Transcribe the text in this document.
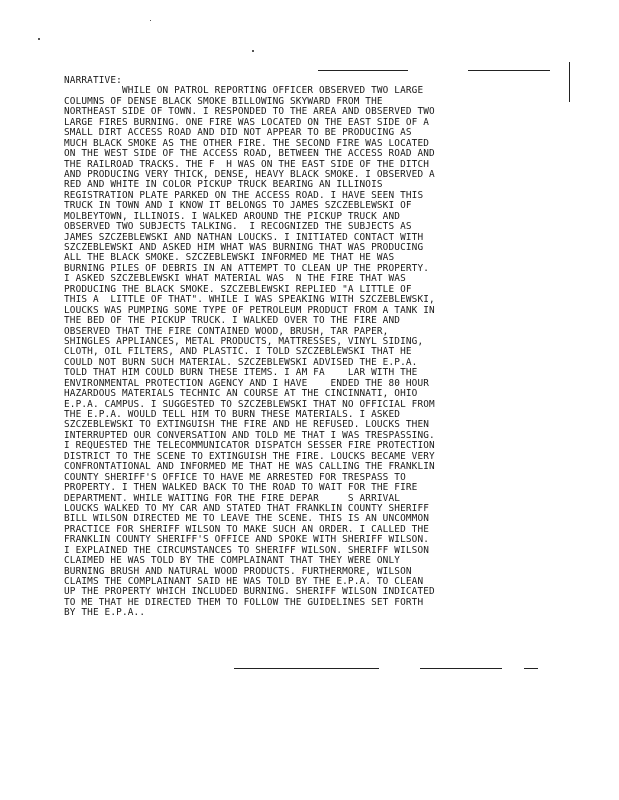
NARRATIVE:
WHILE ON PATROL REPORTING OFFICER OBSERVED TWO LARGE
COLUMNS OF DENSE BLACK SMOKE BILLOWING SKYWARD FROM THE
NORTHEAST SIDE OF TOWN. I RESPONDED TO THE AREA AND OBSERVED TWO
LARGE FIRES BURNING. ONE FIRE WAS LOCATED ON THE EAST SIDE OF A
SMALL DIRT ACCESS ROAD AND DID NOT APPEAR TO BE PRODUCING AS
MUCH BLACK SMOKE AS THE OTHER FIRE. THE SECOND FIRE WAS LOCATED
ON THE WEST SIDE OF THE ACCESS ROAD, BETWEEN THE ACCESS ROAD AND
THE RAILROAD TRACKS. THE F  H WAS ON THE EAST SIDE OF THE DITCH
AND PRODUCING VERY THICK, DENSE, HEAVY BLACK SMOKE. I OBSERVED A
RED AND WHITE IN COLOR PICKUP TRUCK BEARING AN ILLINOIS
REGISTRATION PLATE PARKED ON THE ACCESS ROAD. I HAVE SEEN THIS
TRUCK IN TOWN AND I KNOW IT BELONGS TO JAMES SZCZEBLEWSKI OF
MOLBEYTOWN, ILLINOIS. I WALKED AROUND THE PICKUP TRUCK AND
OBSERVED TWO SUBJECTS TALKING.  I RECOGNIZED THE SUBJECTS AS
JAMES SZCZEBLEWSKI AND NATHAN LOUCKS. I INITIATED CONTACT WITH
SZCZEBLEWSKI AND ASKED HIM WHAT WAS BURNING THAT WAS PRODUCING
ALL THE BLACK SMOKE. SZCZEBLEWSKI INFORMED ME THAT HE WAS
BURNING PILES OF DEBRIS IN AN ATTEMPT TO CLEAN UP THE PROPERTY.
I ASKED SZCZEBLEWSKI WHAT MATERIAL WAS  N THE FIRE THAT WAS
PRODUCING THE BLACK SMOKE. SZCZEBLEWSKI REPLIED "A LITTLE OF
THIS A  LITTLE OF THAT". WHILE I WAS SPEAKING WITH SZCZEBLEWSKI,
LOUCKS WAS PUMPING SOME TYPE OF PETROLEUM PRODUCT FROM A TANK IN
THE BED OF THE PICKUP TRUCK. I WALKED OVER TO THE FIRE AND
OBSERVED THAT THE FIRE CONTAINED WOOD, BRUSH, TAR PAPER,
SHINGLES APPLIANCES, METAL PRODUCTS, MATTRESSES, VINYL SIDING,
CLOTH, OIL FILTERS, AND PLASTIC. I TOLD SZCZEBLEWSKI THAT HE
COULD NOT BURN SUCH MATERIAL. SZCZEBLEWSKI ADVISED THE E.P.A.
TOLD THAT HIM COULD BURN THESE ITEMS. I AM FA    LAR WITH THE
ENVIRONMENTAL PROTECTION AGENCY AND I HAVE    ENDED THE 80 HOUR
HAZARDOUS MATERIALS TECHNIC AN COURSE AT THE CINCINNATI, OHIO
E.P.A. CAMPUS. I SUGGESTED TO SZCZEBLEWSKI THAT NO OFFICIAL FROM
THE E.P.A. WOULD TELL HIM TO BURN THESE MATERIALS. I ASKED
SZCZEBLEWSKI TO EXTINGUISH THE FIRE AND HE REFUSED. LOUCKS THEN
INTERRUPTED OUR CONVERSATION AND TOLD ME THAT I WAS TRESPASSING.
I REQUESTED THE TELECOMMUNICATOR DISPATCH SESSER FIRE PROTECTION
DISTRICT TO THE SCENE TO EXTINGUISH THE FIRE. LOUCKS BECAME VERY
CONFRONTATIONAL AND INFORMED ME THAT HE WAS CALLING THE FRANKLIN
COUNTY SHERIFF'S OFFICE TO HAVE ME ARRESTED FOR TRESPASS TO
PROPERTY. I THEN WALKED BACK TO THE ROAD TO WAIT FOR THE FIRE
DEPARTMENT. WHILE WAITING FOR THE FIRE DEPAR     S ARRIVAL
LOUCKS WALKED TO MY CAR AND STATED THAT FRANKLIN COUNTY SHERIFF
BILL WILSON DIRECTED ME TO LEAVE THE SCENE. THIS IS AN UNCOMMON
PRACTICE FOR SHERIFF WILSON TO MAKE SUCH AN ORDER. I CALLED THE
FRANKLIN COUNTY SHERIFF'S OFFICE AND SPOKE WITH SHERIFF WILSON.
I EXPLAINED THE CIRCUMSTANCES TO SHERIFF WILSON. SHERIFF WILSON
CLAIMED HE WAS TOLD BY THE COMPLAINANT THAT THEY WERE ONLY
BURNING BRUSH AND NATURAL WOOD PRODUCTS. FURTHERMORE, WILSON
CLAIMS THE COMPLAINANT SAID HE WAS TOLD BY THE E.P.A. TO CLEAN
UP THE PROPERTY WHICH INCLUDED BURNING. SHERIFF WILSON INDICATED
TO ME THAT HE DIRECTED THEM TO FOLLOW THE GUIDELINES SET FORTH
BY THE E.P.A..
